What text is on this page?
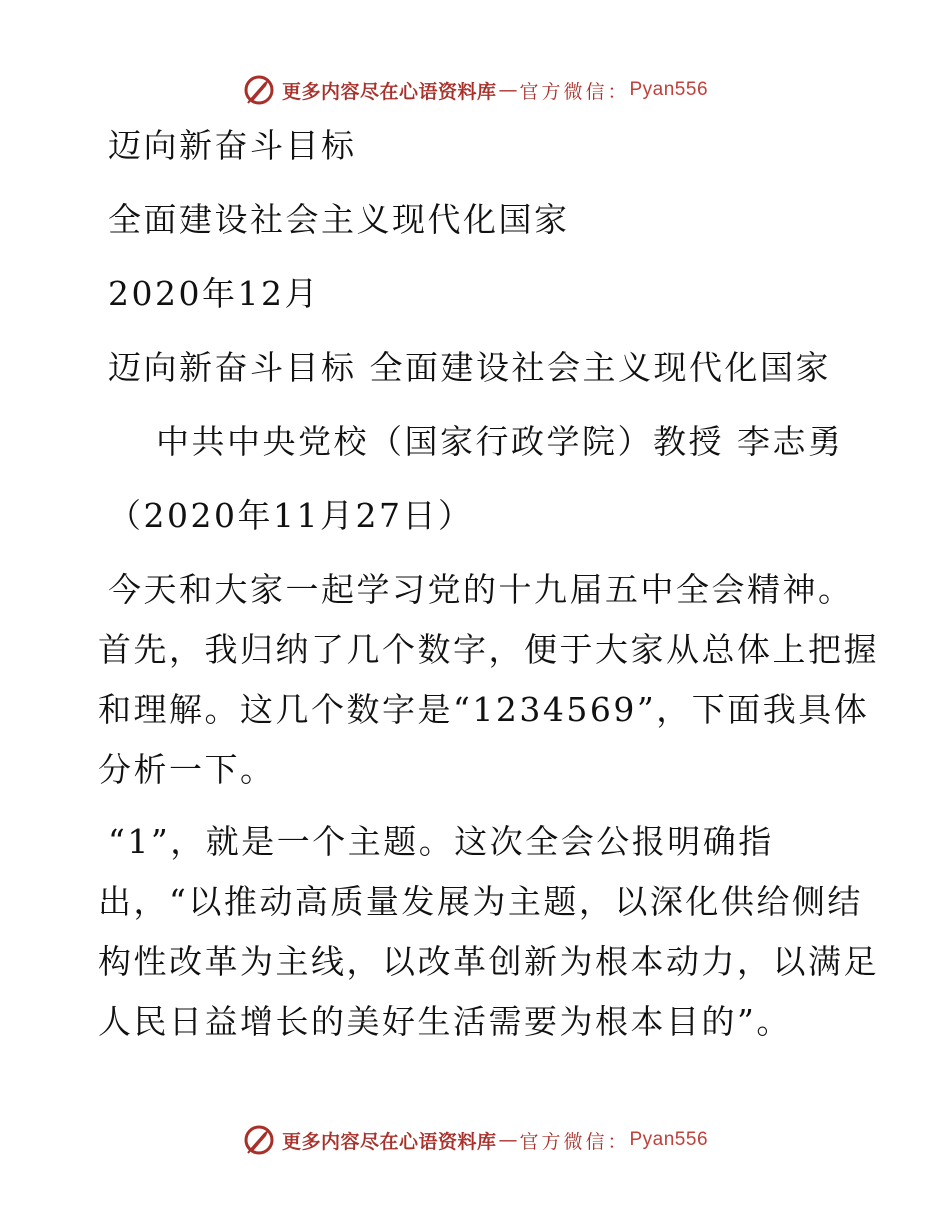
更多内容尽在心语资料库 — 官方微信： Pyan556
迈向新奋斗目标
全面建设社会主义现代化国家
2020年12月
迈向新奋斗目标 全面建设社会主义现代化国家
中共中央党校（国家行政学院）教授 李志勇
（2020年11月27日）
今天和大家一起学习党的十九届五中全会精神。
首先，我归纳了几个数字，便于大家从总体上把握
和理解。这几个数字是“1234569”，下面我具体
分析一下。
“1”，就是一个主题。这次全会公报明确指
出，“以推动高质量发展为主题，以深化供给侧结
构性改革为主线，以改革创新为根本动力，以满足
人民日益增长的美好生活需要为根本目的”。
更多内容尽在心语资料库 — 官方微信： Pyan556
